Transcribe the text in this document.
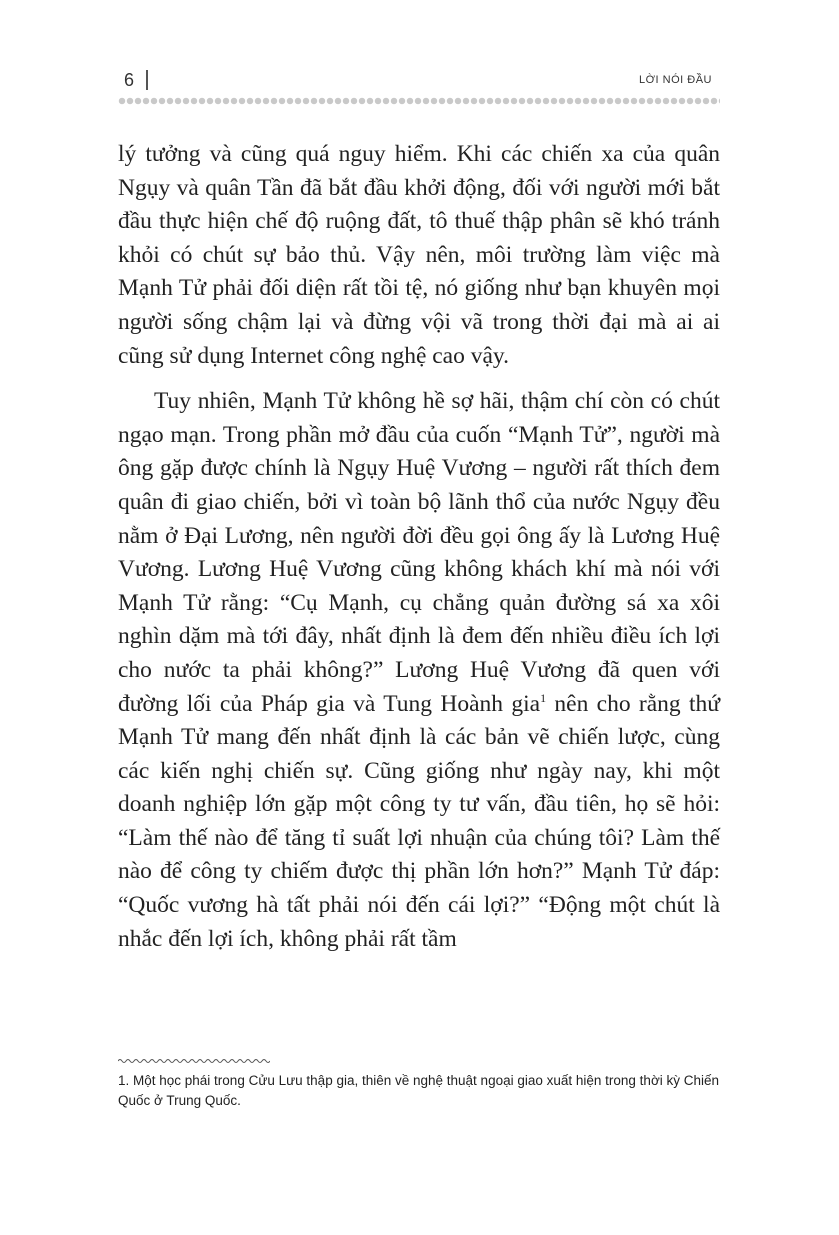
6	LỜI NÓI ĐẦU

lý tưởng và cũng quá nguy hiểm. Khi các chiến xa của quân Ngụy và quân Tần đã bắt đầu khởi động, đối với người mới bắt đầu thực hiện chế độ ruộng đất, tô thuế thập phân sẽ khó tránh khỏi có chút sự bảo thủ. Vậy nên, môi trường làm việc mà Mạnh Tử phải đối diện rất tồi tệ, nó giống như bạn khuyên mọi người sống chậm lại và đừng vội vã trong thời đại mà ai ai cũng sử dụng Internet công nghệ cao vậy.

Tuy nhiên, Mạnh Tử không hề sợ hãi, thậm chí còn có chút ngạo mạn. Trong phần mở đầu của cuốn “Mạnh Tử”, người mà ông gặp được chính là Ngụy Huệ Vương – người rất thích đem quân đi giao chiến, bởi vì toàn bộ lãnh thổ của nước Ngụy đều nằm ở Đại Lương, nên người đời đều gọi ông ấy là Lương Huệ Vương. Lương Huệ Vương cũng không khách khí mà nói với Mạnh Tử rằng: “Cụ Mạnh, cụ chẳng quản đường sá xa xôi nghìn dặm mà tới đây, nhất định là đem đến nhiều điều ích lợi cho nước ta phải không?” Lương Huệ Vương đã quen với đường lối của Pháp gia và Tung Hoành gia$^1$ nên cho rằng thứ Mạnh Tử mang đến nhất định là các bản vẽ chiến lược, cùng các kiến nghị chiến sự. Cũng giống như ngày nay, khi một doanh nghiệp lớn gặp một công ty tư vấn, đầu tiên, họ sẽ hỏi: “Làm thế nào để tăng tỉ suất lợi nhuận của chúng tôi? Làm thế nào để công ty chiếm được thị phần lớn hơn?” Mạnh Tử đáp: “Quốc vương hà tất phải nói đến cái lợi?” “Động một chút là nhắc đến lợi ích, không phải rất tầm

1. Một học phái trong Cửu Lưu thập gia, thiên về nghệ thuật ngoại giao xuất hiện trong thời kỳ Chiến Quốc ở Trung Quốc.
